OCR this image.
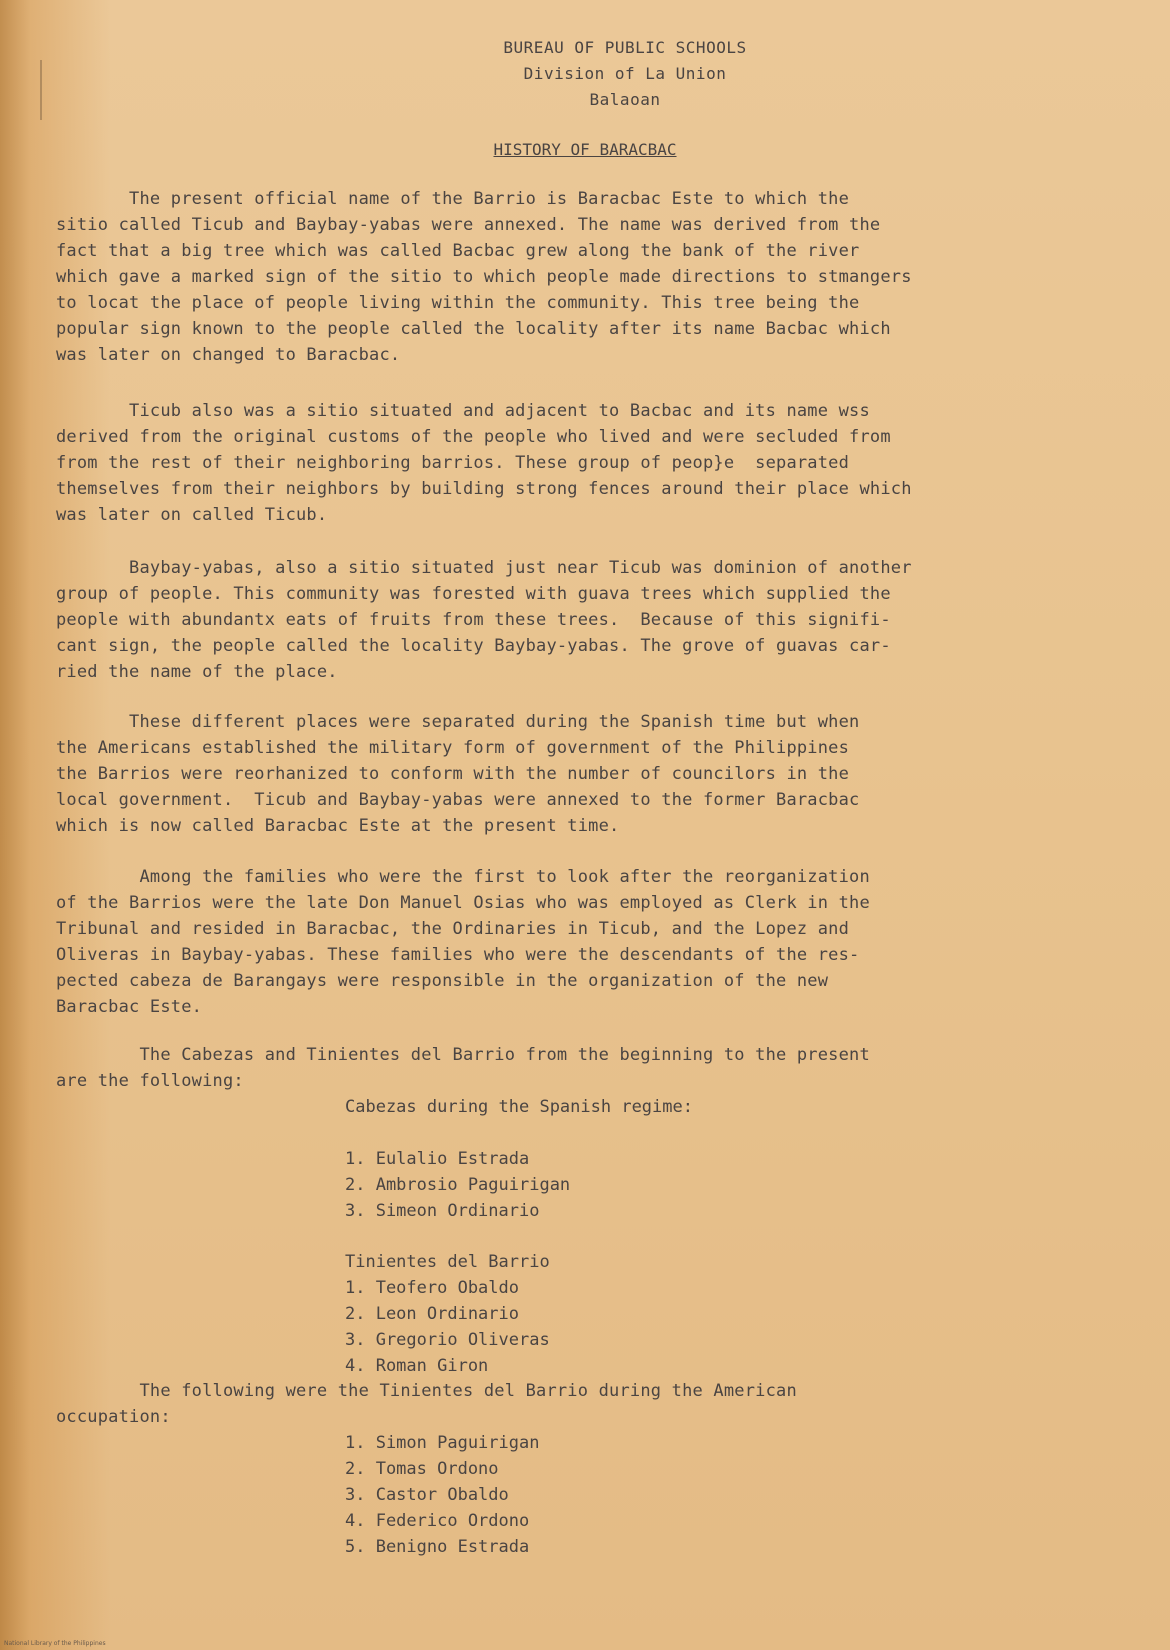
BUREAU OF PUBLIC SCHOOLS
Division of La Union
Balaoan
HISTORY OF BARACBAC
The present official name of the Barrio is Baracbac Este to which the
sitio called Ticub and Baybay-yabas were annexed. The name was derived from the
fact that a big tree which was called Bacbac grew along the bank of the river
which gave a marked sign of the sitio to which people made directions to stmangers
to locat the place of people living within the community. This tree being the
popular sign known to the people called the locality after its name Bacbac which
was later on changed to Baracbac.
Ticub also was a sitio situated and adjacent to Bacbac and its name wss
derived from the original customs of the people who lived and were secluded from
from the rest of their neighboring barrios. These group of peop}e  separated
themselves from their neighbors by building strong fences around their place which
was later on called Ticub.
Baybay-yabas, also a sitio situated just near Ticub was dominion of another
group of people. This community was forested with guava trees which supplied the
people with abundantx eats of fruits from these trees.  Because of this signifi-
cant sign, the people called the locality Baybay-yabas. The grove of guavas car-
ried the name of the place.
These different places were separated during the Spanish time but when
the Americans established the military form of government of the Philippines
the Barrios were reorhanized to conform with the number of councilors in the
local government.  Ticub and Baybay-yabas were annexed to the former Baracbac
which is now called Baracbac Este at the present time.
Among the families who were the first to look after the reorganization
of the Barrios were the late Don Manuel Osias who was employed as Clerk in the
Tribunal and resided in Baracbac, the Ordinaries in Ticub, and the Lopez and
Oliveras in Baybay-yabas. These families who were the descendants of the res-
pected cabeza de Barangays were responsible in the organization of the new
Baracbac Este.
The Cabezas and Tinientes del Barrio from the beginning to the present
are the following:
Cabezas during the Spanish regime:
1. Eulalio Estrada
2. Ambrosio Paguirigan
3. Simeon Ordinario
Tinientes del Barrio
1. Teofero Obaldo
2. Leon Ordinario
3. Gregorio Oliveras
4. Roman Giron
The following were the Tinientes del Barrio during the American
occupation:
1. Simon Paguirigan
2. Tomas Ordono
3. Castor Obaldo
4. Federico Ordono
5. Benigno Estrada
National Library of the Philippines
